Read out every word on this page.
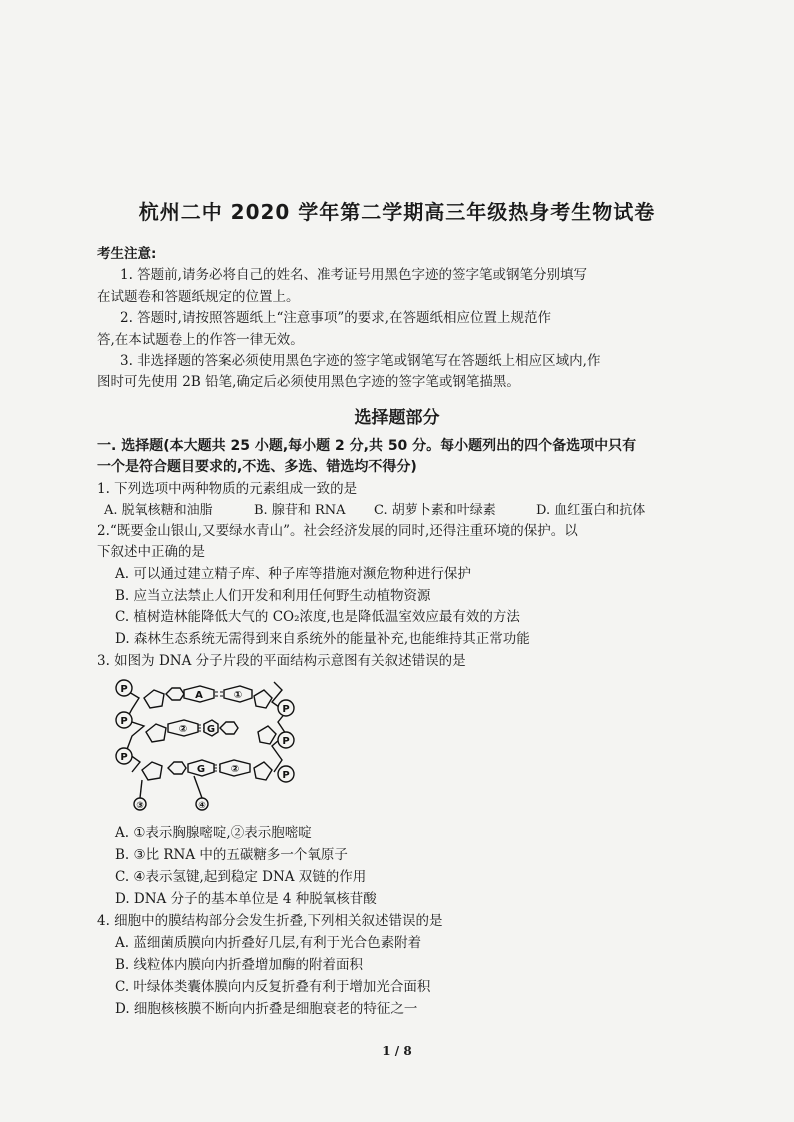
杭州二中 2020 学年第二学期高三年级热身考生物试卷
考生注意:
1. 答题前,请务必将自己的姓名、准考证号用黑色字迹的签字笔或钢笔分别填写
在试题卷和答题纸规定的位置上。
2. 答题时,请按照答题纸上“注意事项”的要求,在答题纸相应位置上规范作
答,在本试题卷上的作答一律无效。
3. 非选择题的答案必须使用黑色字迹的签字笔或钢笔写在答题纸上相应区域内,作
图时可先使用 2B 铅笔,确定后必须使用黑色字迹的签字笔或钢笔描黑。
选择题部分
一. 选择题(本大题共 25 小题,每小题 2 分,共 50 分。每小题列出的四个备选项中只有
一个是符合题目要求的,不选、多选、错选均不得分)
1. 下列选项中两种物质的元素组成一致的是
A. 脱氧核糖和油脂	B. 腺苷和 RNA C. 胡萝卜素和叶绿素	D. 血红蛋白和抗体
2.“既要金山银山,又要绿水青山”。社会经济发展的同时,还得注重环境的保护。以
下叙述中正确的是
A. 可以通过建立精子库、种子库等措施对濒危物种进行保护
B. 应当立法禁止人们开发和利用任何野生动植物资源
C. 植树造林能降低大气的 CO₂浓度,也是降低温室效应最有效的方法
D. 森林生态系统无需得到来自系统外的能量补充,也能维持其正常功能
3. 如图为 DNA 分子片段的平面结构示意图有关叙述错误的是
P
P
P
P
P
P
A	①
② G
G	②
③	④
A. ①表示胸腺嘧啶,②表示胞嘧啶
B. ③比 RNA 中的五碳糖多一个氧原子
C. ④表示氢键,起到稳定 DNA 双链的作用
D. DNA 分子的基本单位是 4 种脱氧核苷酸
4. 细胞中的膜结构部分会发生折叠,下列相关叙述错误的是
A. 蓝细菌质膜向内折叠好几层,有利于光合色素附着
B. 线粒体内膜向内折叠增加酶的附着面积
C. 叶绿体类囊体膜向内反复折叠有利于增加光合面积
D. 细胞核核膜不断向内折叠是细胞衰老的特征之一
1 / 8
